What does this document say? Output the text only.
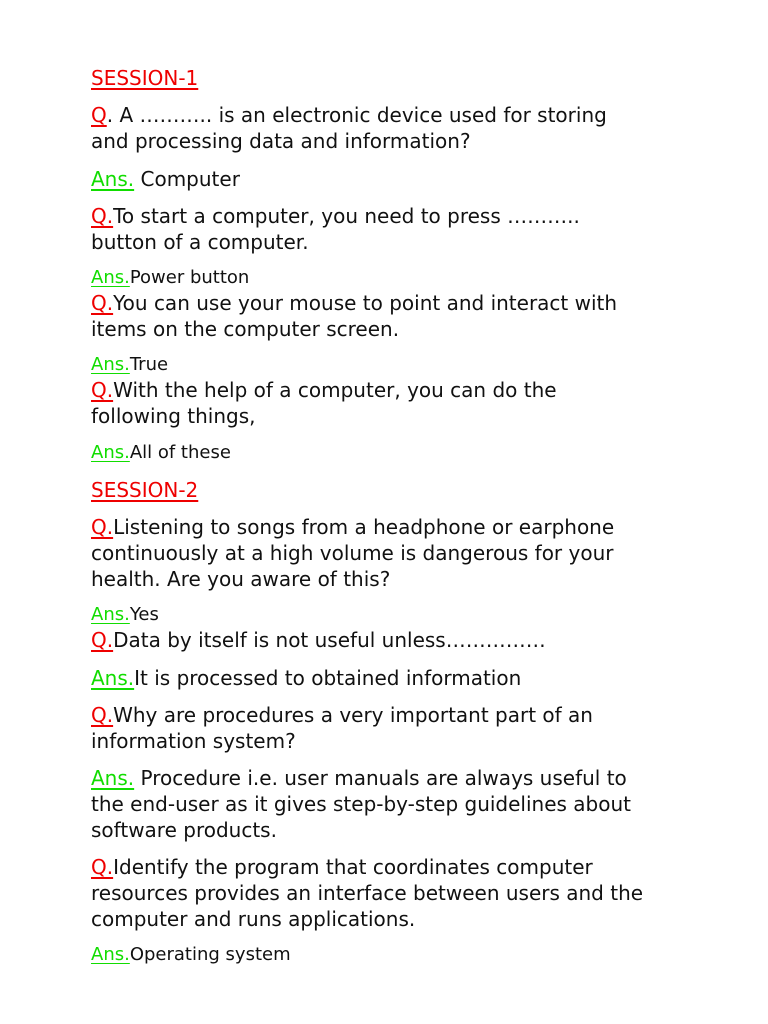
SESSION-1
Q. A ……….. is an electronic device used for storing
and processing data and information?
Ans. Computer
Q.To start a computer, you need to press ………..
button of a computer.
Ans.Power button
Q.You can use your mouse to point and interact with
items on the computer screen.
Ans.True
Q.With the help of a computer, you can do the
following things,
Ans.All of these
SESSION-2
Q.Listening to songs from a headphone or earphone
continuously at a high volume is dangerous for your
health. Are you aware of this?
Ans.Yes
Q.Data by itself is not useful unless……………
Ans.It is processed to obtained information
Q.Why are procedures a very important part of an
information system?
Ans. Procedure i.e. user manuals are always useful to
the end-user as it gives step-by-step guidelines about
software products.
Q.Identify the program that coordinates computer
resources provides an interface between users and the
computer and runs applications.
Ans.Operating system
